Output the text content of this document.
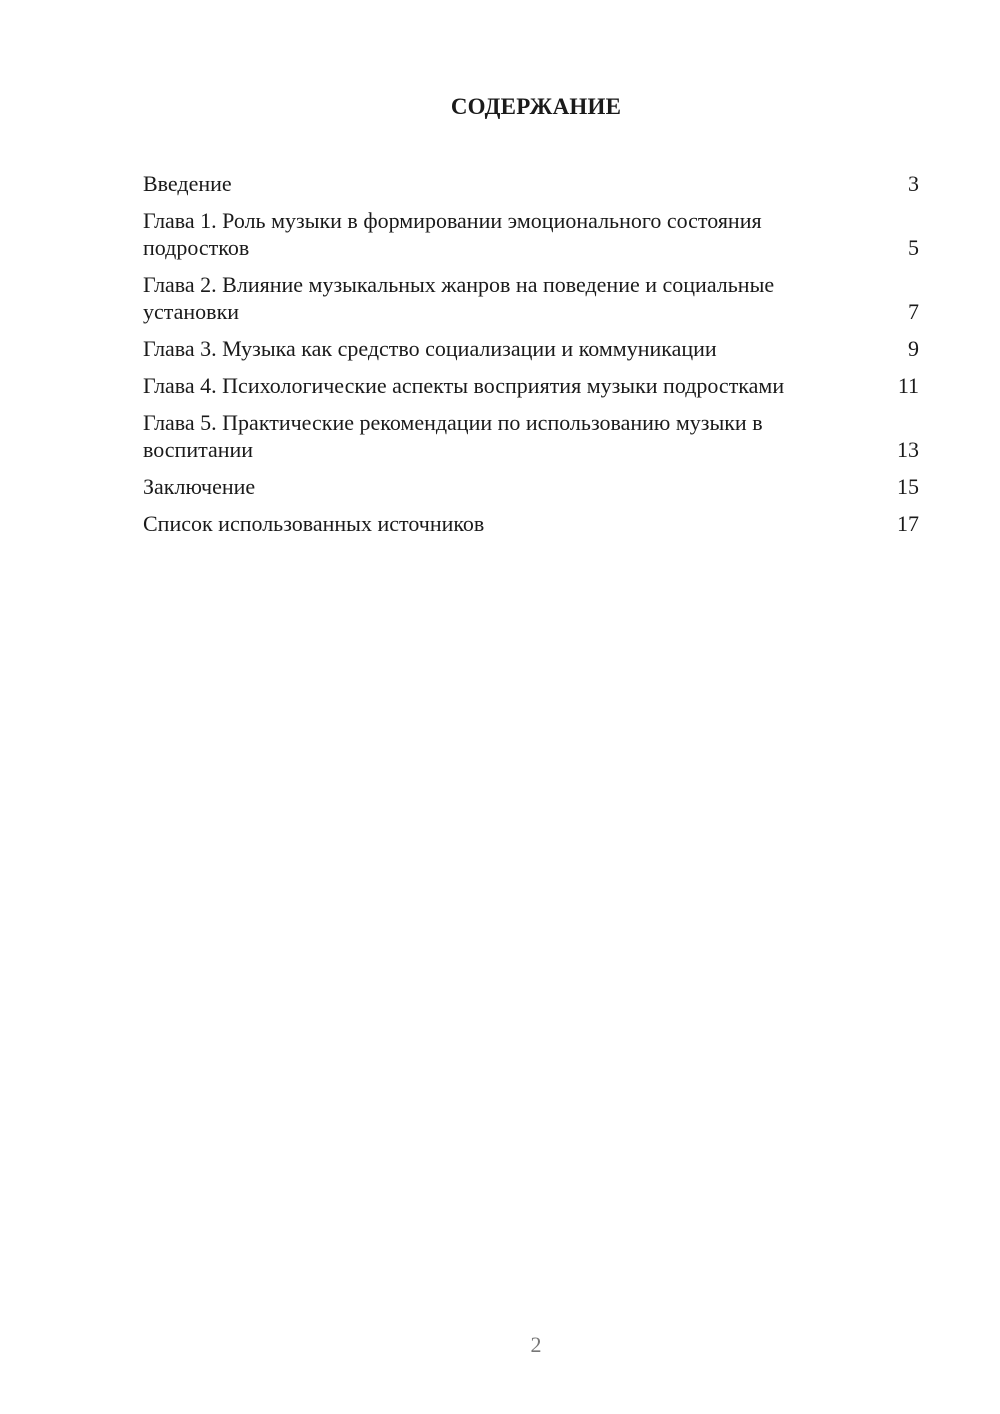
СОДЕРЖАНИЕ
Введение	3
Глава 1. Роль музыки в формировании эмоционального состояния подростков	5
Глава 2. Влияние музыкальных жанров на поведение и социальные установки	7
Глава 3. Музыка как средство социализации и коммуникации	9
Глава 4. Психологические аспекты восприятия музыки подростками	11
Глава 5. Практические рекомендации по использованию музыки в воспитании	13
Заключение	15
Список использованных источников	17
2
